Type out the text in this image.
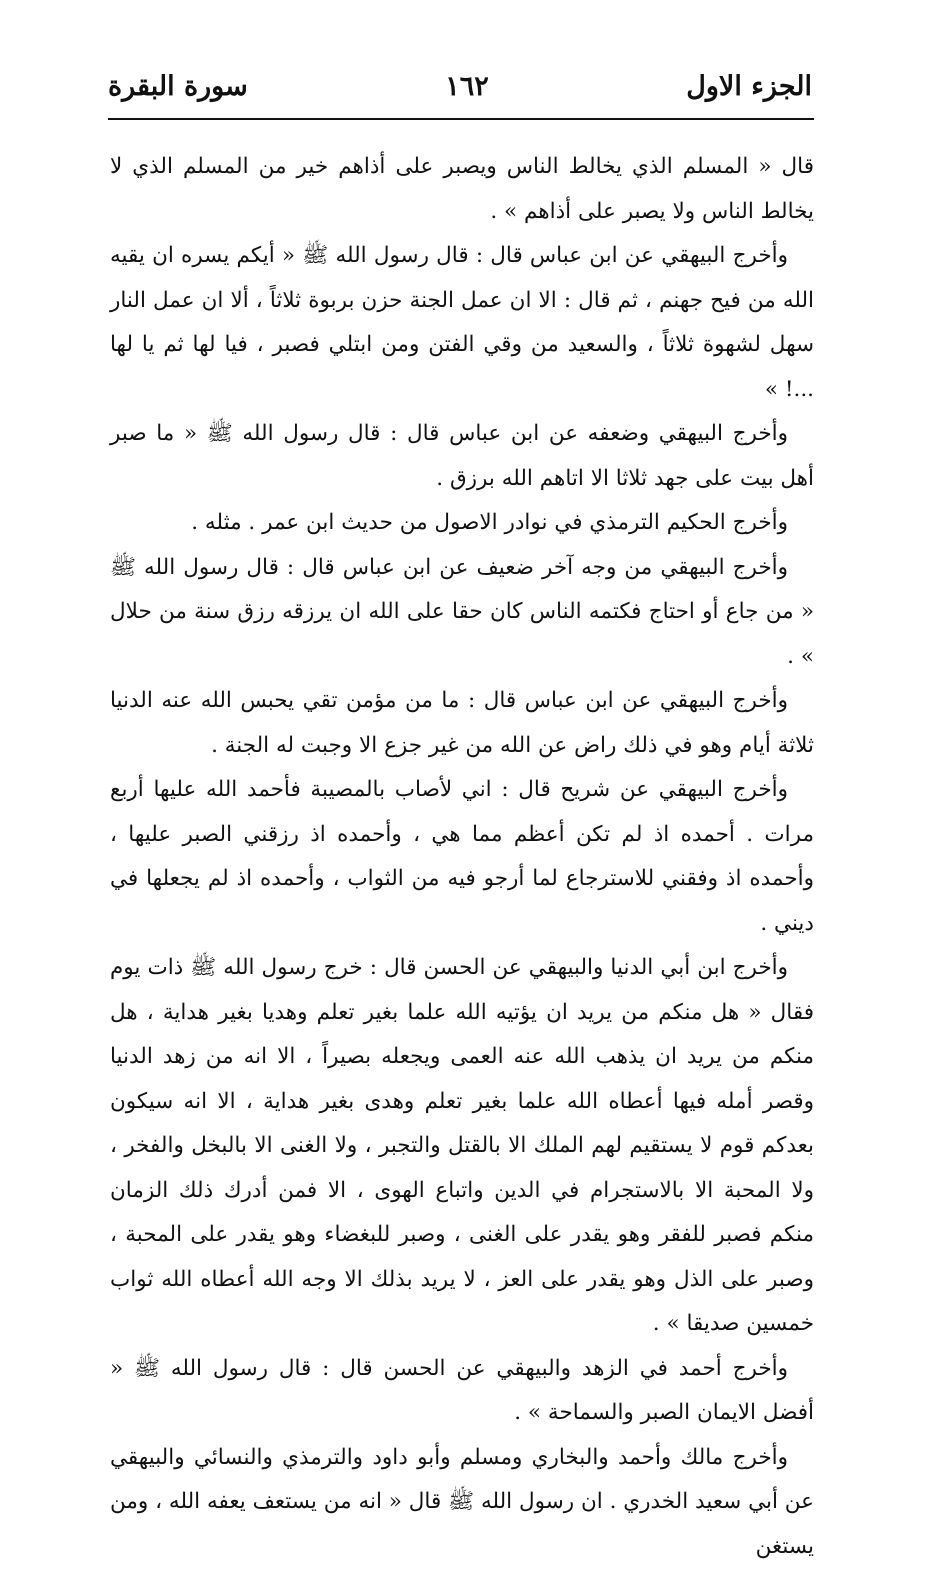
الجزء الاول
١٦٢
سورة البقرة

قال « المسلم الذي يخالط الناس ويصبر على أذاهم خير من المسلم الذي لا يخالط الناس ولا يصبر على أذاهم » .

وأخرج البيهقي عن ابن عباس قال : قال رسول الله ﷺ « أيكم يسره ان يقيه الله من فيح جهنم ، ثم قال : الا ان عمل الجنة حزن بربوة ثلاثاً ، ألا ان عمل النار سهل لشهوة ثلاثاً ، والسعيد من وقي الفتن ومن ابتلي فصبر ، فيا لها ثم يا لها ...! »

وأخرج البيهقي وضعفه عن ابن عباس قال : قال رسول الله ﷺ « ما صبر أهل بيت على جهد ثلاثا الا اتاهم الله برزق .

وأخرج الحكيم الترمذي في نوادر الاصول من حديث ابن عمر . مثله .

وأخرج البيهقي من وجه آخر ضعيف عن ابن عباس قال : قال رسول الله ﷺ « من جاع أو احتاج فكتمه الناس كان حقا على الله ان يرزقه رزق سنة من حلال » .

وأخرج البيهقي عن ابن عباس قال : ما من مؤمن تقي يحبس الله عنه الدنيا ثلاثة أيام وهو في ذلك راض عن الله من غير جزع الا وجبت له الجنة .

وأخرج البيهقي عن شريح قال : اني لأصاب بالمصيبة فأحمد الله عليها أربع مرات . أحمده اذ لم تكن أعظم مما هي ، وأحمده اذ رزقني الصبر عليها ، وأحمده اذ وفقني للاسترجاع لما أرجو فيه من الثواب ، وأحمده اذ لم يجعلها في ديني .

وأخرج ابن أبي الدنيا والبيهقي عن الحسن قال : خرج رسول الله ﷺ ذات يوم فقال « هل منكم من يريد ان يؤتيه الله علما بغير تعلم وهديا بغير هداية ، هل منكم من يريد ان يذهب الله عنه العمى ويجعله بصيراً ، الا انه من زهد الدنيا وقصر أمله فيها أعطاه الله علما بغير تعلم وهدى بغير هداية ، الا انه سيكون بعدكم قوم لا يستقيم لهم الملك الا بالقتل والتجبر ، ولا الغنى الا بالبخل والفخر ، ولا المحبة الا بالاستجرام في الدين واتباع الهوى ، الا فمن أدرك ذلك الزمان منكم فصبر للفقر وهو يقدر على الغنى ، وصبر للبغضاء وهو يقدر على المحبة ، وصبر على الذل وهو يقدر على العز ، لا يريد بذلك الا وجه الله أعطاه الله ثواب خمسين صديقا » .

وأخرج أحمد في الزهد والبيهقي عن الحسن قال : قال رسول الله ﷺ « أفضل الايمان الصبر والسماحة » .

وأخرج مالك وأحمد والبخاري ومسلم وأبو داود والترمذي والنسائي والبيهقي عن أبي سعيد الخدري . ان رسول الله ﷺ قال « انه من يستعف يعفه الله ، ومن يستغن
